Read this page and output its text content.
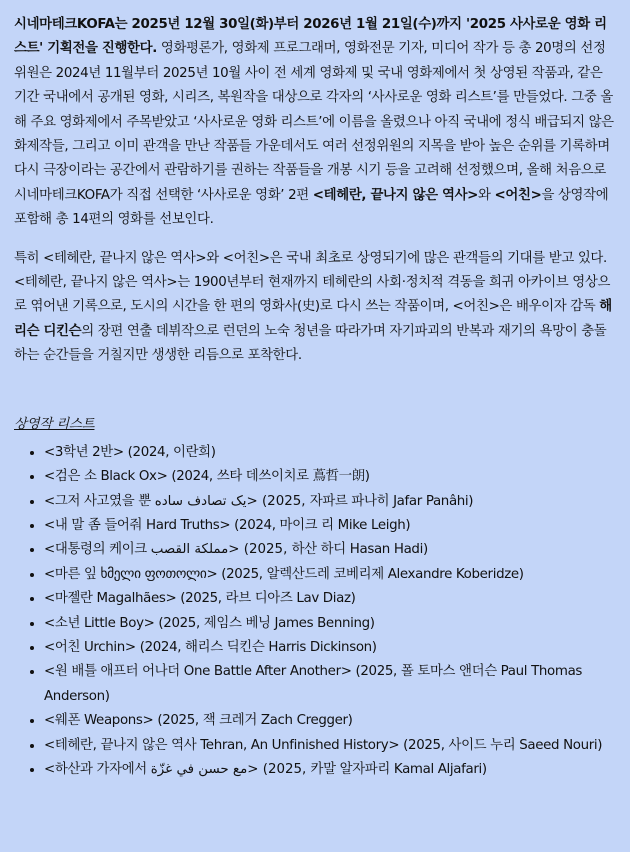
시네마테크KOFA는 2025년 12월 30일(화)부터 2026년 1월 21일(수)까지 '2025 사사로운 영화 리스트' 기획전을 진행한다. 영화평론가, 영화제 프로그래머, 영화전문 기자, 미디어 작가 등 총 20명의 선정위원은 2024년 11월부터 2025년 10월 사이 전 세계 영화제 및 국내 영화제에서 첫 상영된 작품과, 같은 기간 국내에서 공개된 영화, 시리즈, 복원작을 대상으로 각자의 ‘사사로운 영화 리스트’를 만들었다. 그중 올해 주요 영화제에서 주목받았고 ‘사사로운 영화 리스트’에 이름을 올렸으나 아직 국내에 정식 배급되지 않은 화제작들, 그리고 이미 관객을 만난 작품들 가운데서도 여러 선정위원의 지목을 받아 높은 순위를 기록하며 다시 극장이라는 공간에서 관람하기를 권하는 작품들을 개봉 시기 등을 고려해 선정했으며, 올해 처음으로 시네마테크KOFA가 직접 선택한 ‘사사로운 영화’ 2편 <테헤란, 끝나지 않은 역사>와 <어친>을 상영작에 포함해 총 14편의 영화를 선보인다.

특히 <테헤란, 끝나지 않은 역사>와 <어친>은 국내 최초로 상영되기에 많은 관객들의 기대를 받고 있다. <테헤란, 끝나지 않은 역사>는 1900년부터 현재까지 테헤란의 사회·정치적 격동을 희귀 아카이브 영상으로 엮어낸 기록으로, 도시의 시간을 한 편의 영화사(史)로 다시 쓰는 작품이며, <어친>은 배우이자 감독 해리슨 디킨슨의 장편 연출 데뷔작으로 런던의 노숙 청년을 따라가며 자기파괴의 반복과 재기의 욕망이 충돌하는 순간들을 거칠지만 생생한 리듬으로 포착한다.

상영작 리스트
• <3학년 2반> (2024, 이란희)
• <검은 소 Black Ox> (2024, 쓰타 데쓰이치로 蔦哲一朗)
• <그저 사고였을 뿐 یک تصادف ساده> (2025, 자파르 파나히 Jafar Panâhi)
• <내 말 좀 들어줘 Hard Truths> (2024, 마이크 리 Mike Leigh)
• <대통령의 케이크 مملكة القصب> (2025, 하산 하디 Hasan Hadi)
• <마른 잎 ხმელი ფოთოლი> (2025, 알렉산드레 코베리제 Alexandre Koberidze)
• <마젤란 Magalhães> (2025, 라브 디아즈 Lav Diaz)
• <소년 Little Boy> (2025, 제임스 베닝 James Benning)
• <어친 Urchin> (2024, 해리스 딕킨슨 Harris Dickinson)
• <원 배틀 애프터 어나더 One Battle After Another> (2025, 폴 토마스 앤더슨 Paul Thomas Anderson)
• <웨폰 Weapons> (2025, 잭 크레거 Zach Cregger)
• <테헤란, 끝나지 않은 역사 Tehran, An Unfinished History> (2025, 사이드 누리 Saeed Nouri)
• <하산과 가자에서 مع حسن في غزّة> (2025, 카말 알자파리 Kamal Aljafari)
